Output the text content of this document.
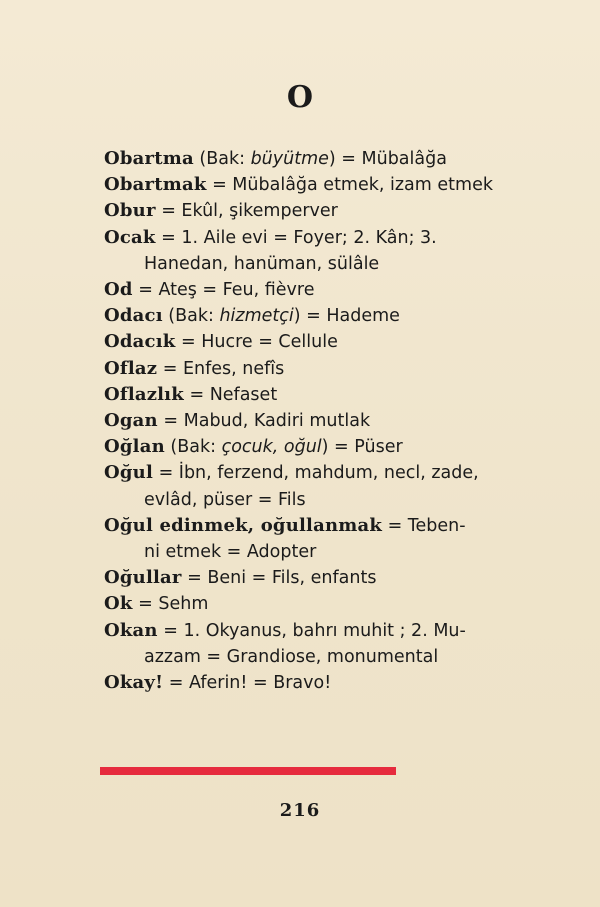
O
Obartma (Bak: büyütme) = Mübalâğa
Obartmak = Mübalâğa etmek, izam etmek
Obur = Ekûl, şikemperver
Ocak = 1. Aile evi = Foyer; 2. Kân; 3.
Hanedan, hanüman, sülâle
Od = Ateş = Feu, fièvre
Odacı (Bak: hizmetçi) = Hademe
Odacık = Hucre = Cellule
Oflaz = Enfes, nefîs
Oflazlık = Nefaset
Ogan = Mabud, Kadiri mutlak
Oğlan (Bak: çocuk, oğul) = Püser
Oğul = İbn, ferzend, mahdum, necl, zade,
evlâd, püser = Fils
Oğul edinmek, oğullanmak = Teben-
ni etmek = Adopter
Oğullar = Beni = Fils, enfants
Ok = Sehm
Okan = 1. Okyanus, bahrı muhit ; 2. Mu-
azzam = Grandiose, monumental
Okay! = Aferin! = Bravo!
216
